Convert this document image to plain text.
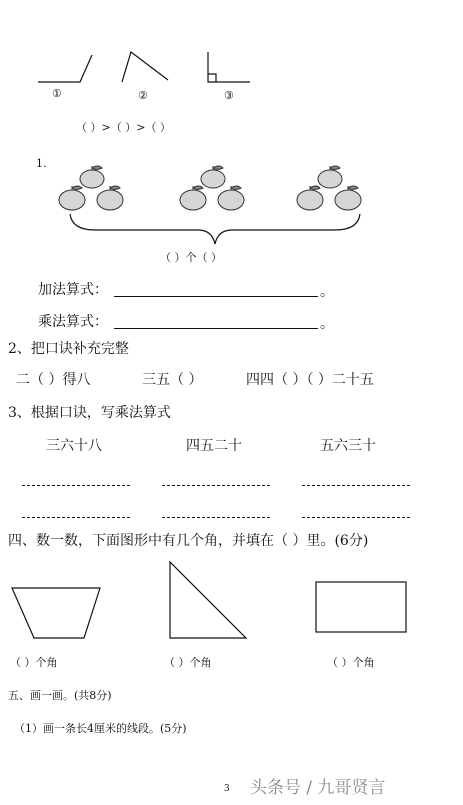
①	②	③
（ ）>（ ）>（ ）
1.
（ ）个（ ）
加法算式：	。
乘法算式：	。
2、把口诀补充完整
二（ ）得八	三五（ ）	四四（ ）（ ）二十五
3、根据口诀，写乘法算式
三六十八	四五二十	五六三十
四、数一数，下面图形中有几个角，并填在（ ）里。(6分)
（ ）个角	（ ）个角	（ ）个角
五、画一画。(共8分)
（1）画一条长4厘米的线段。(5分)
3 头条号 / 九哥贤言
